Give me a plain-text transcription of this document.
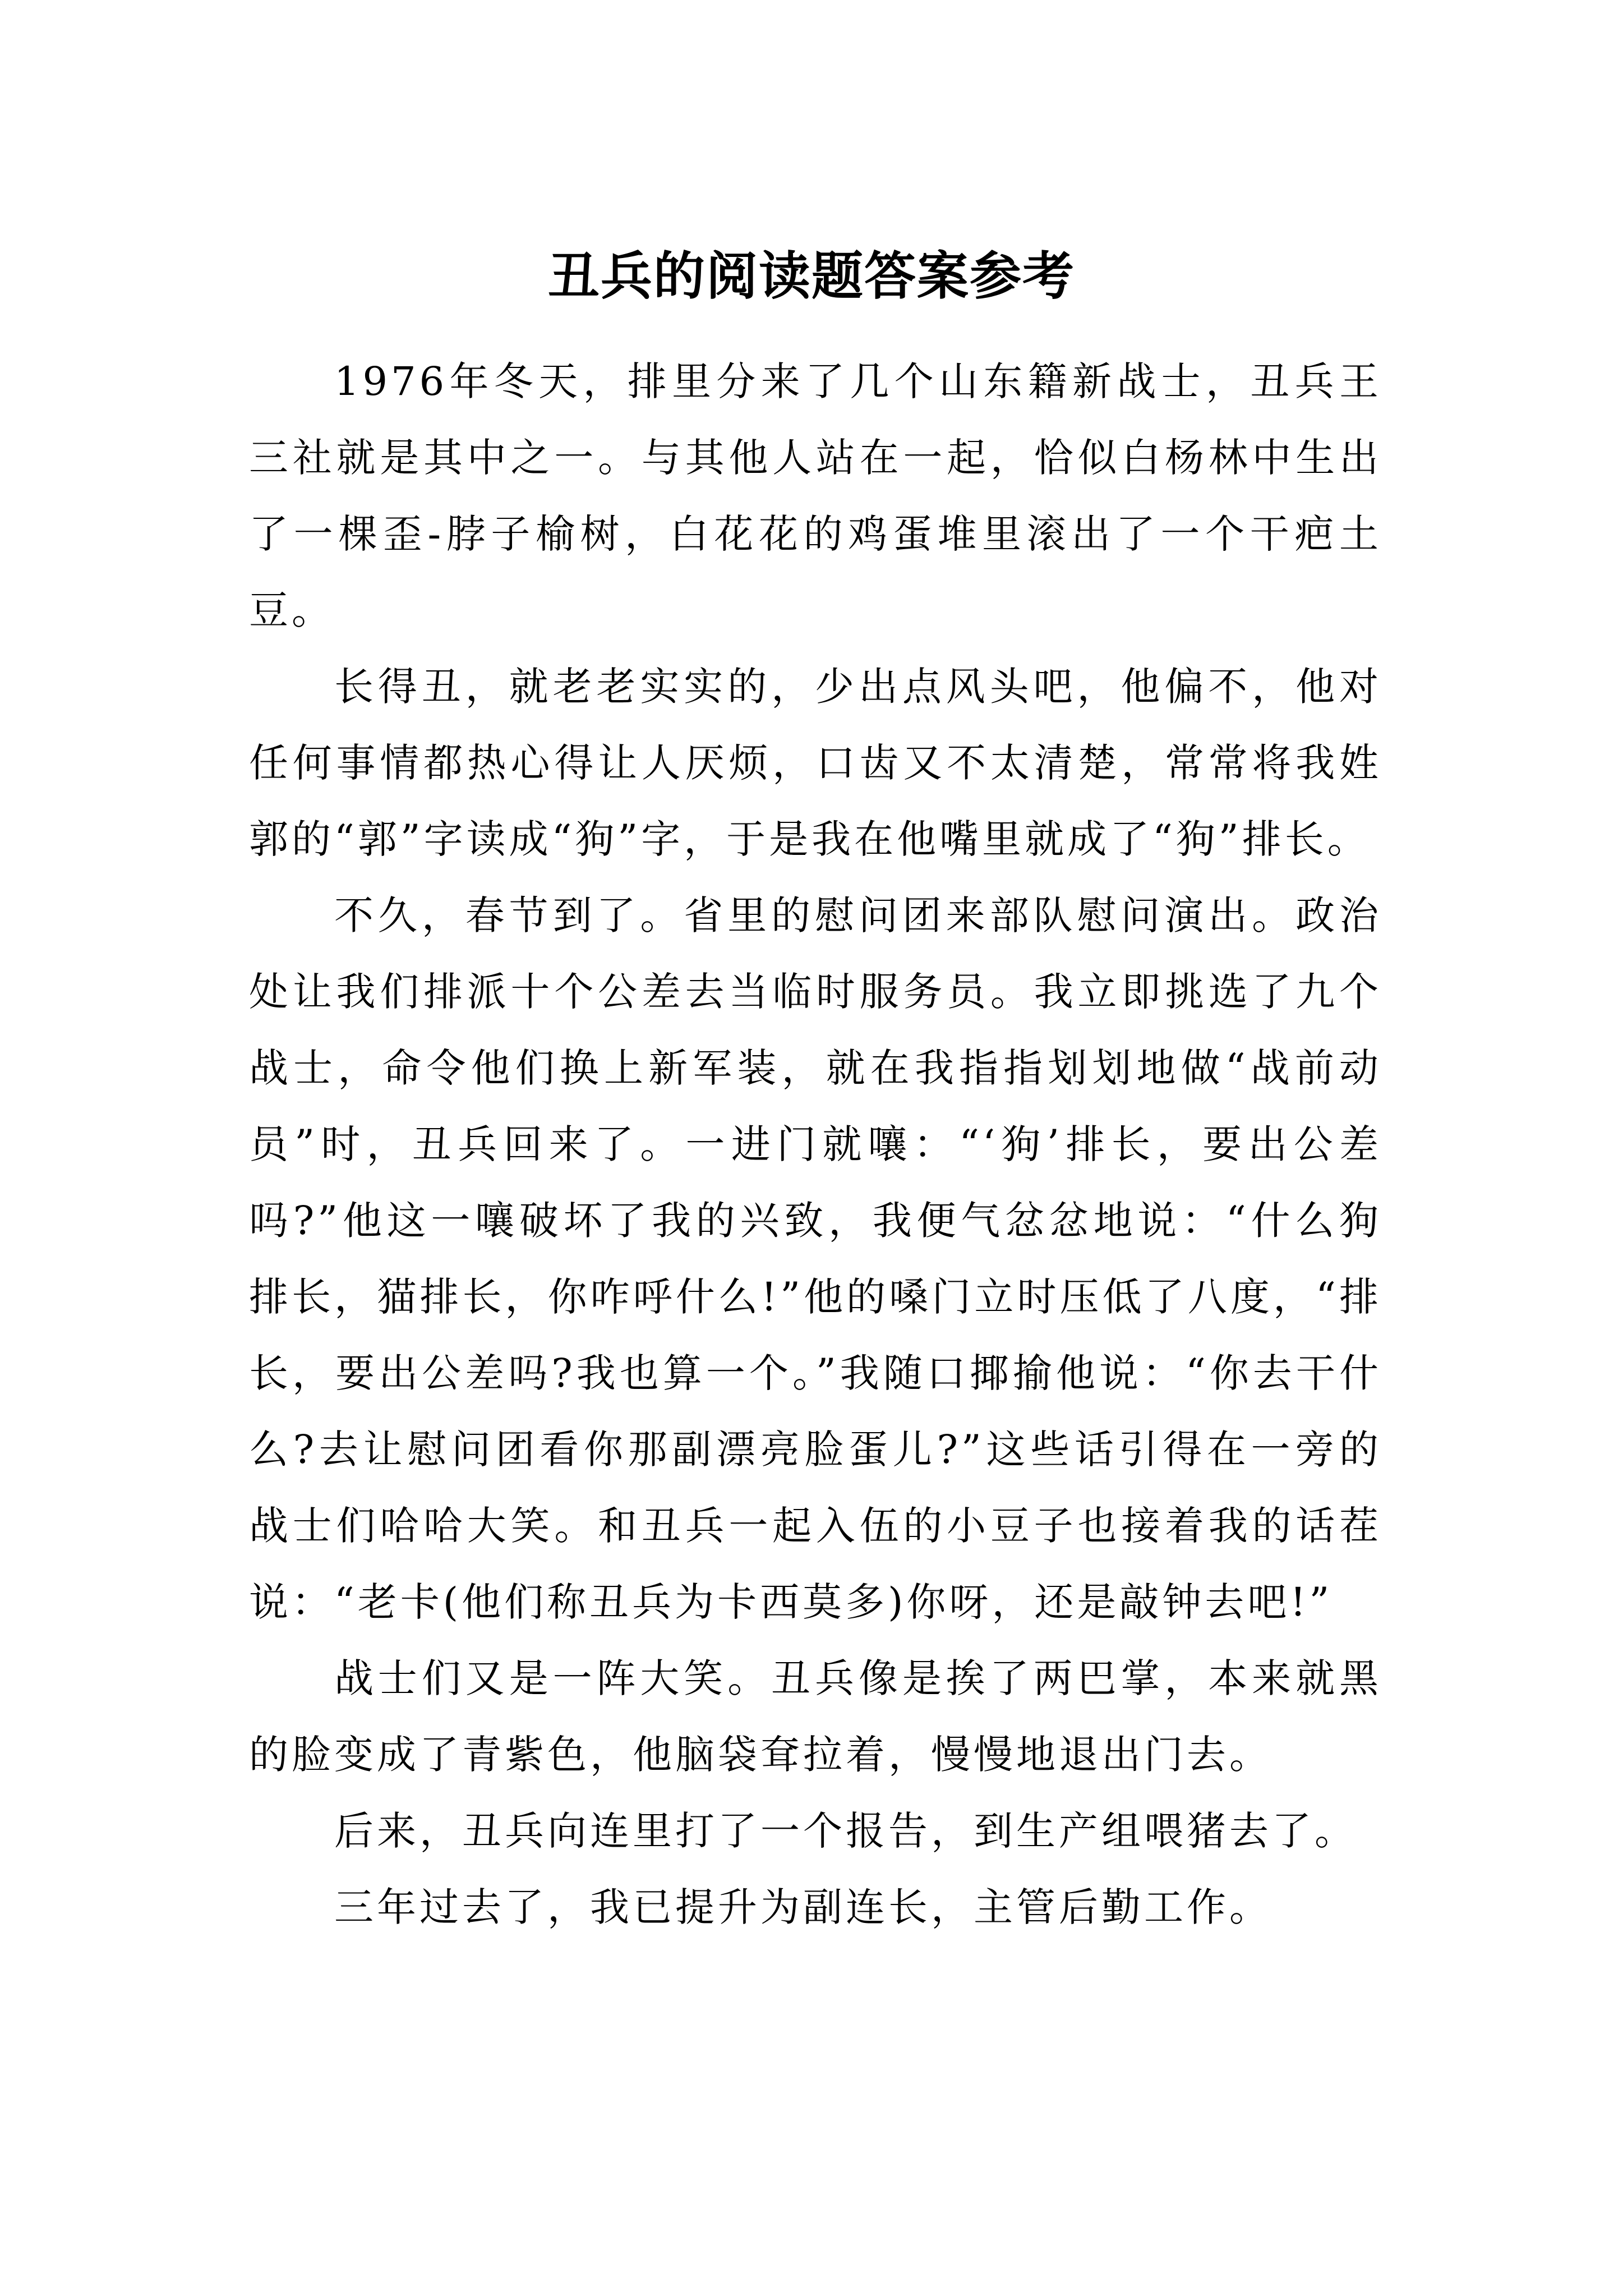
丑兵的阅读题答案参考

1976年冬天，排里分来了几个山东籍新战士，丑兵王三社就是其中之一。与其他人站在一起，恰似白杨林中生出了一棵歪-脖子榆树，白花花的鸡蛋堆里滚出了一个干疤土豆。

长得丑，就老老实实的，少出点风头吧，他偏不，他对任何事情都热心得让人厌烦，口齿又不太清楚，常常将我姓郭的“郭”字读成“狗”字，于是我在他嘴里就成了“狗”排长。

不久，春节到了。省里的慰问团来部队慰问演出。政治处让我们排派十个公差去当临时服务员。我立即挑选了九个战士，命令他们换上新军装，就在我指指划划地做“战前动员”时，丑兵回来了。一进门就嚷：“‘狗’排长，要出公差吗?”他这一嚷破坏了我的兴致，我便气忿忿地说：“什么狗排长，猫排长，你咋呼什么!”他的嗓门立时压低了八度，“排长，要出公差吗?我也算一个。”我随口揶揄他说：“你去干什么?去让慰问团看你那副漂亮脸蛋儿?”这些话引得在一旁的战士们哈哈大笑。和丑兵一起入伍的小豆子也接着我的话茬说：“老卡(他们称丑兵为卡西莫多)你呀，还是敲钟去吧!”

战士们又是一阵大笑。丑兵像是挨了两巴掌，本来就黑的脸变成了青紫色，他脑袋耷拉着，慢慢地退出门去。

后来，丑兵向连里打了一个报告，到生产组喂猪去了。

三年过去了，我已提升为副连长，主管后勤工作。
